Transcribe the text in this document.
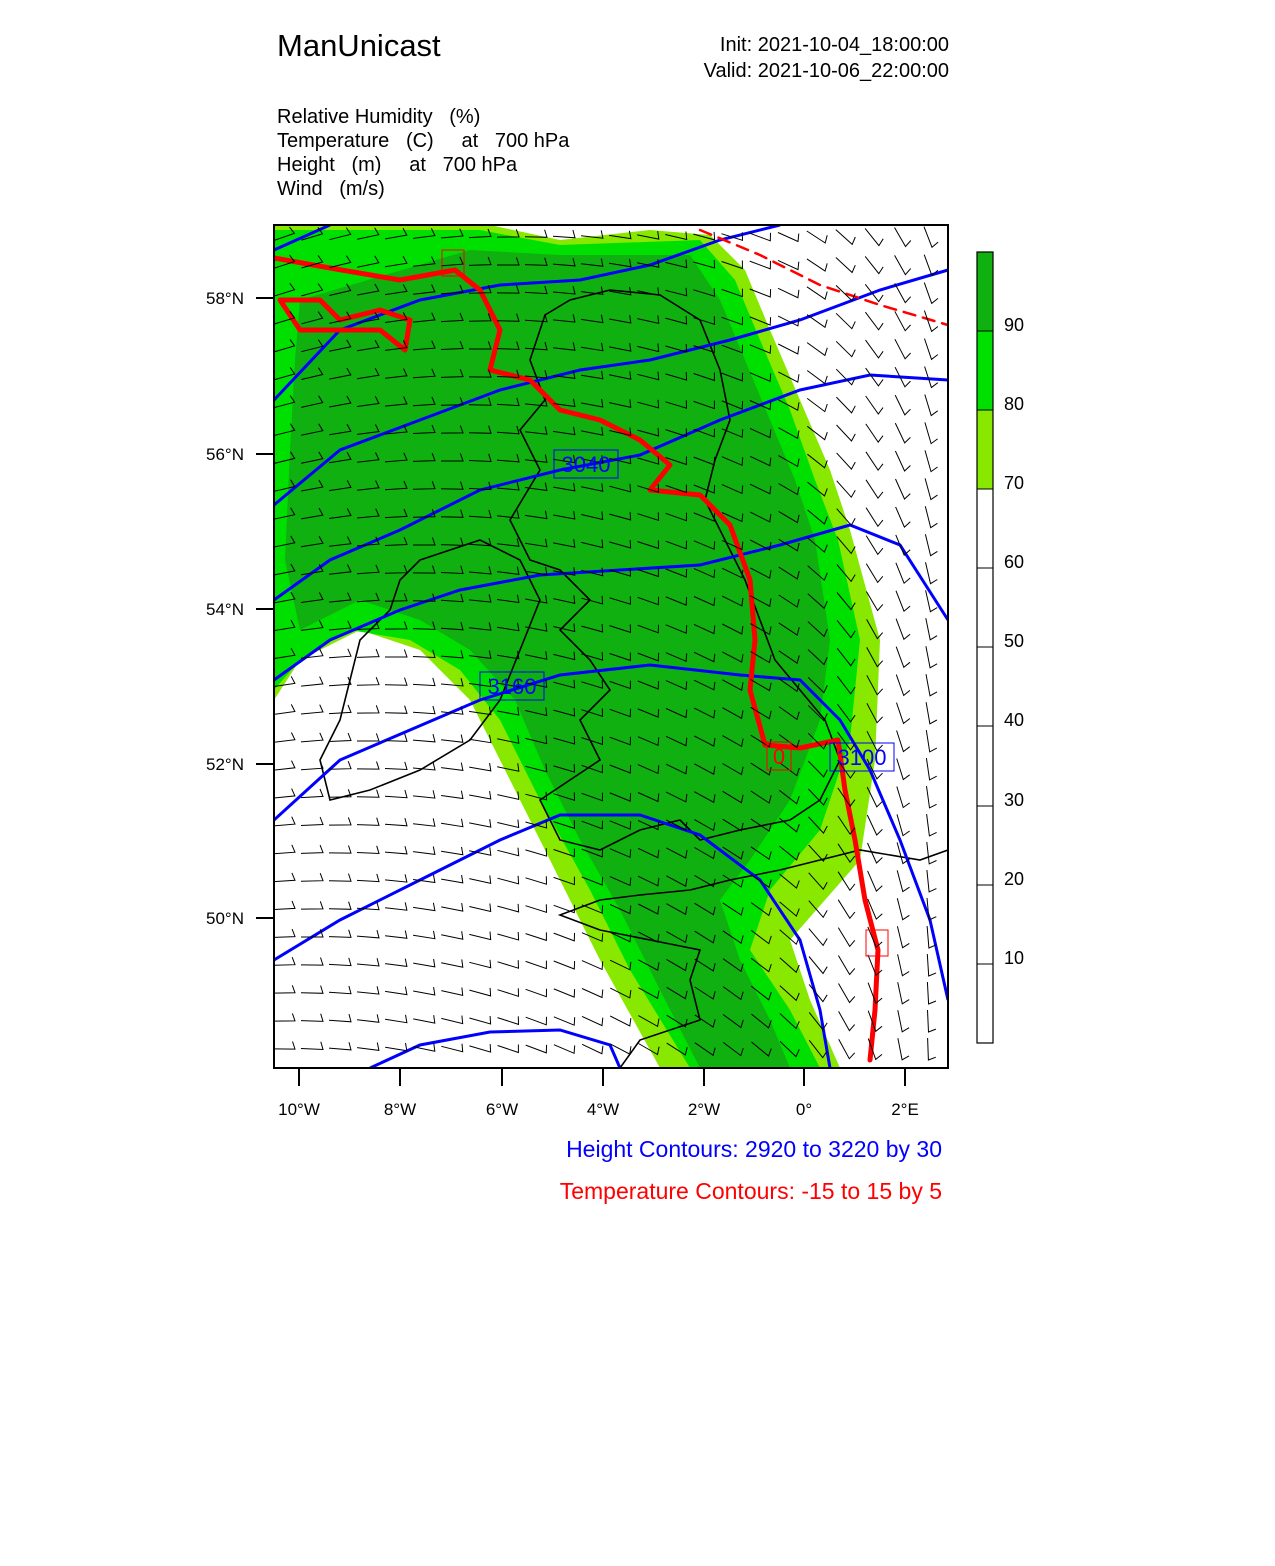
ManUnicast	Init: 2021-10-04_18:00:00
Valid: 2021-10-06_22:00:00
Relative Humidity   (%)
Temperature   (C)     at   700 hPa
Height   (m)     at   700 hPa
Wind   (m/s)
3040
3160
3100
0
58°N
56°N
54°N
52°N
50°N
10°W	8°W	6°W	4°W	2°W	0°	2°E
90
80
70
60
50
40
30
20
10
Height Contours: 2920 to 3220 by 30
Temperature Contours: -15 to 15 by 5
